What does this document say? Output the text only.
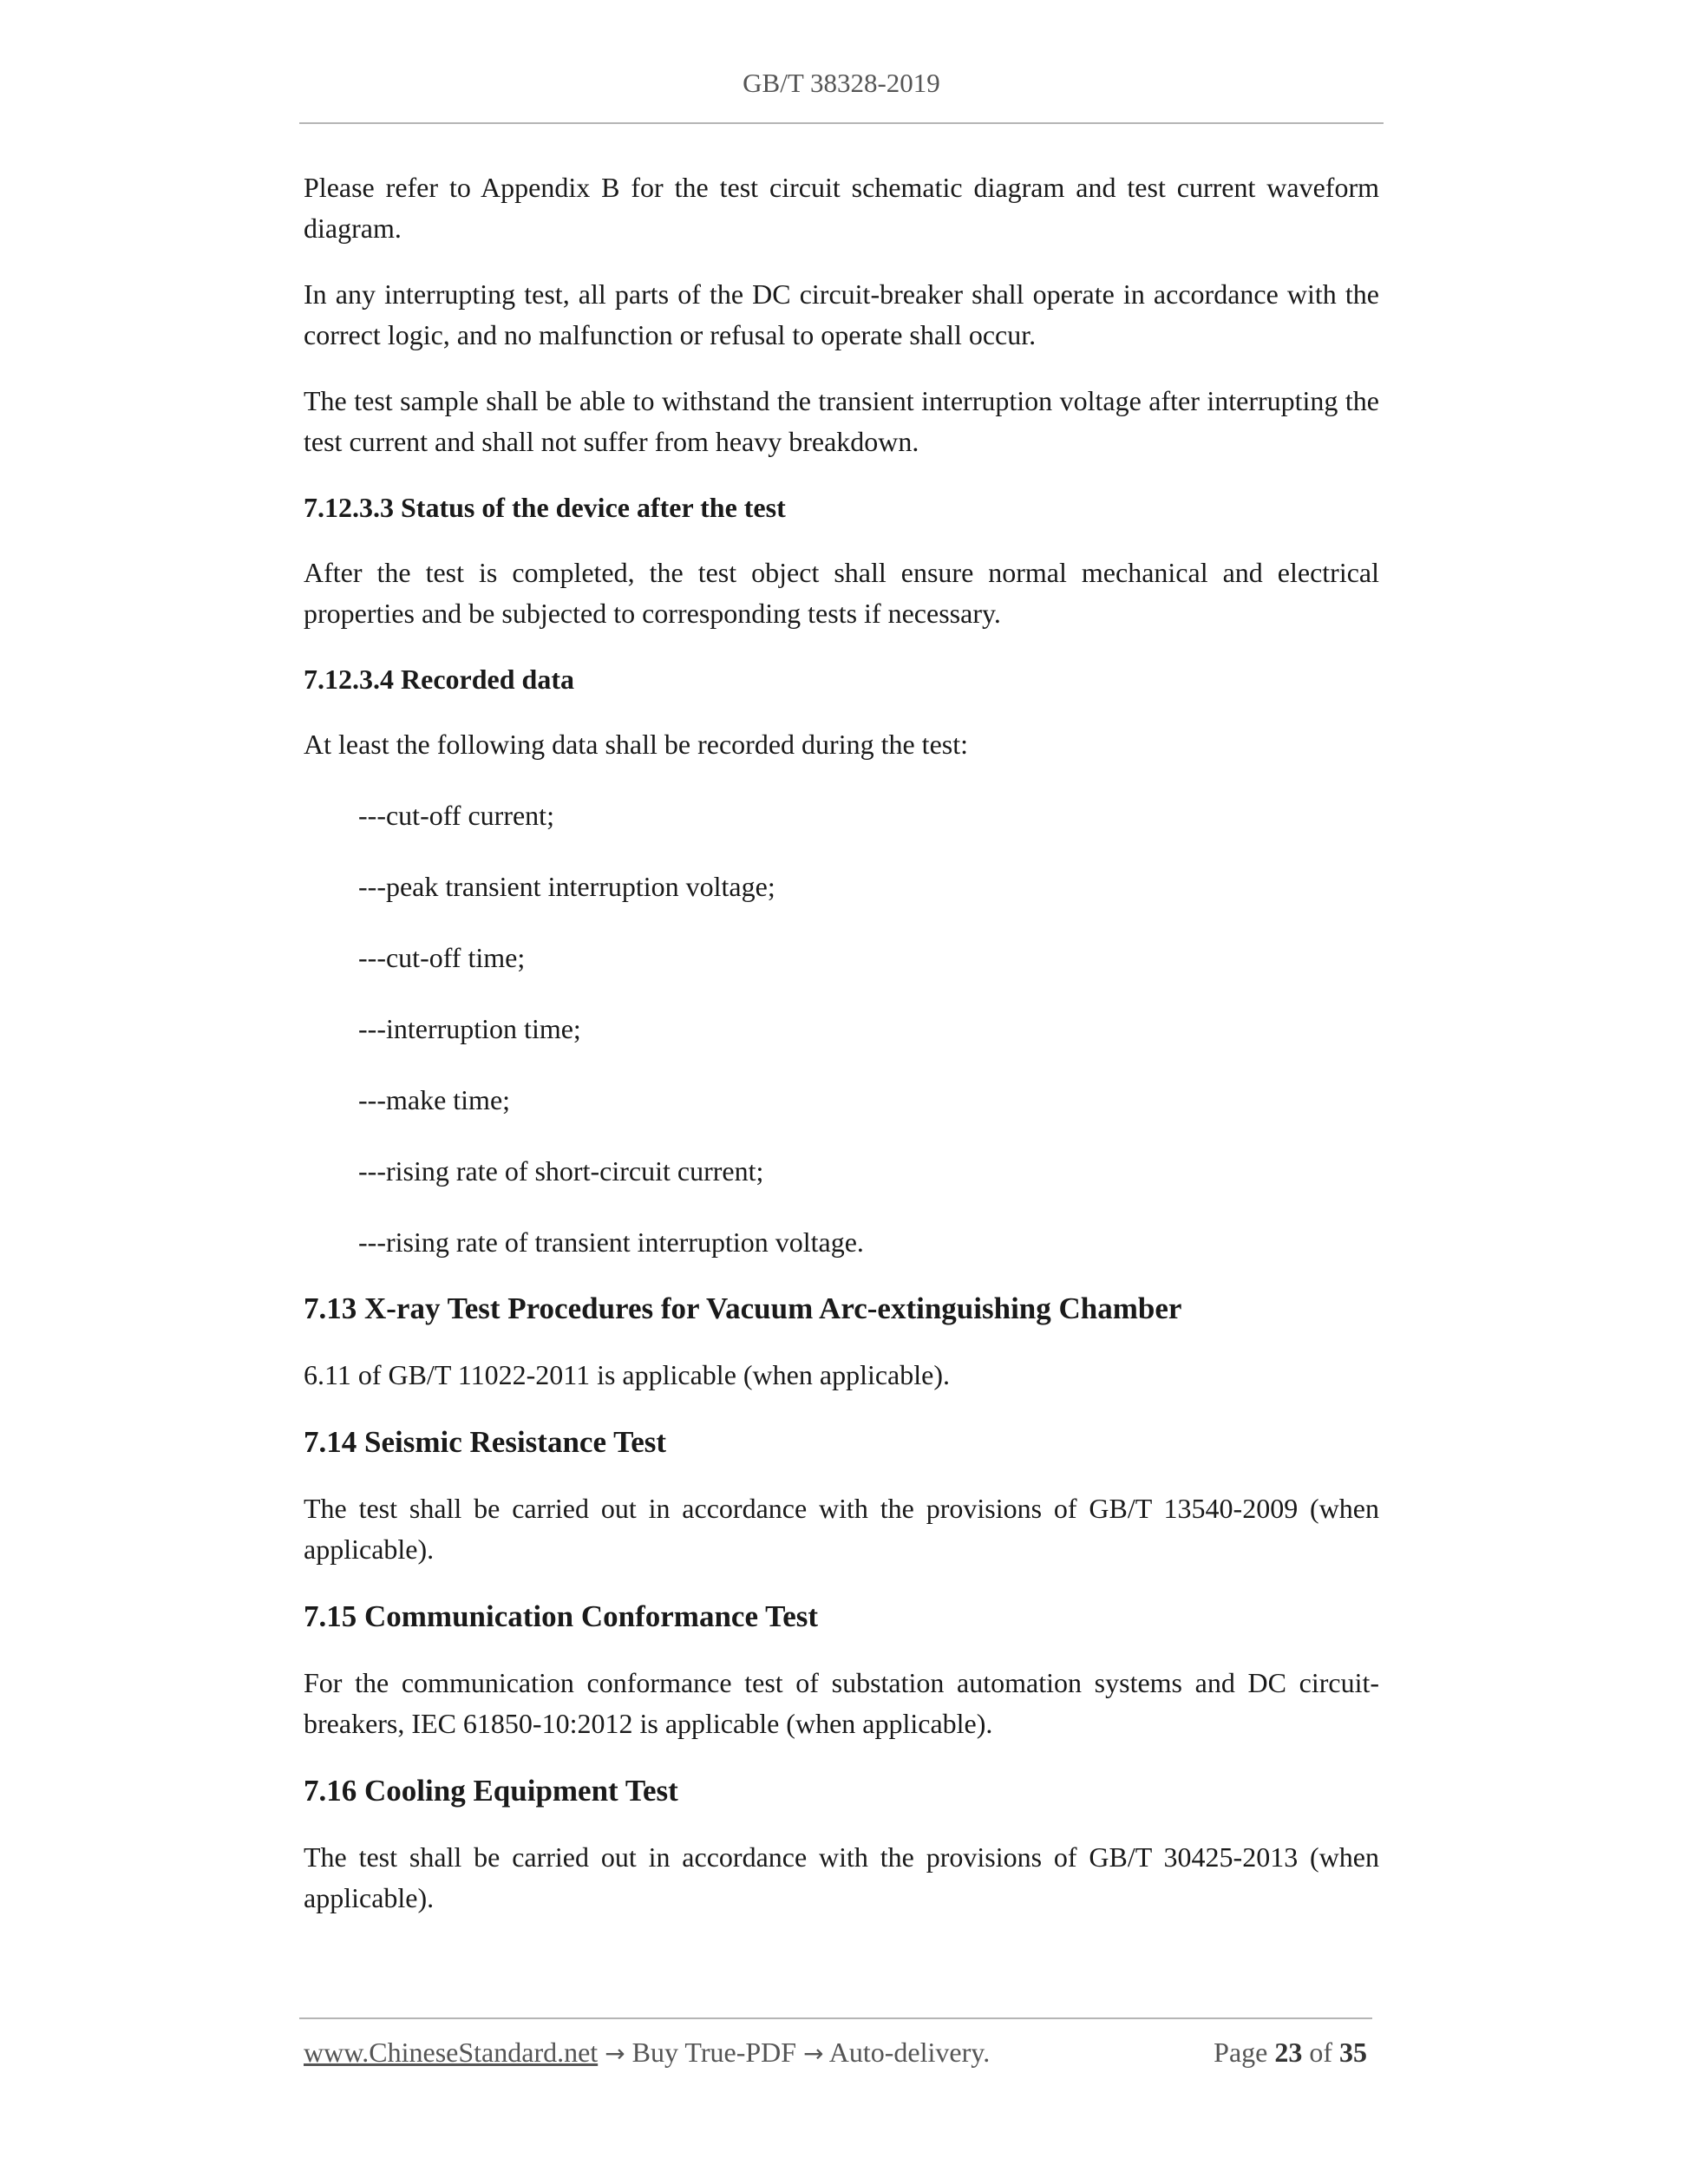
GB/T 38328-2019

Please refer to Appendix B for the test circuit schematic diagram and test current waveform diagram.

In any interrupting test, all parts of the DC circuit-breaker shall operate in accordance with the correct logic, and no malfunction or refusal to operate shall occur.

The test sample shall be able to withstand the transient interruption voltage after interrupting the test current and shall not suffer from heavy breakdown.

7.12.3.3 Status of the device after the test

After the test is completed, the test object shall ensure normal mechanical and electrical properties and be subjected to corresponding tests if necessary.

7.12.3.4 Recorded data

At least the following data shall be recorded during the test:

---cut-off current;

---peak transient interruption voltage;

---cut-off time;

---interruption time;

---make time;

---rising rate of short-circuit current;

---rising rate of transient interruption voltage.

7.13 X-ray Test Procedures for Vacuum Arc-extinguishing Chamber

6.11 of GB/T 11022-2011 is applicable (when applicable).

7.14 Seismic Resistance Test

The test shall be carried out in accordance with the provisions of GB/T 13540-2009 (when applicable).

7.15 Communication Conformance Test

For the communication conformance test of substation automation systems and DC circuit-breakers, IEC 61850-10:2012 is applicable (when applicable).

7.16 Cooling Equipment Test

The test shall be carried out in accordance with the provisions of GB/T 30425-2013 (when applicable).

www.ChineseStandard.net → Buy True-PDF → Auto-delivery.	Page 23 of 35
